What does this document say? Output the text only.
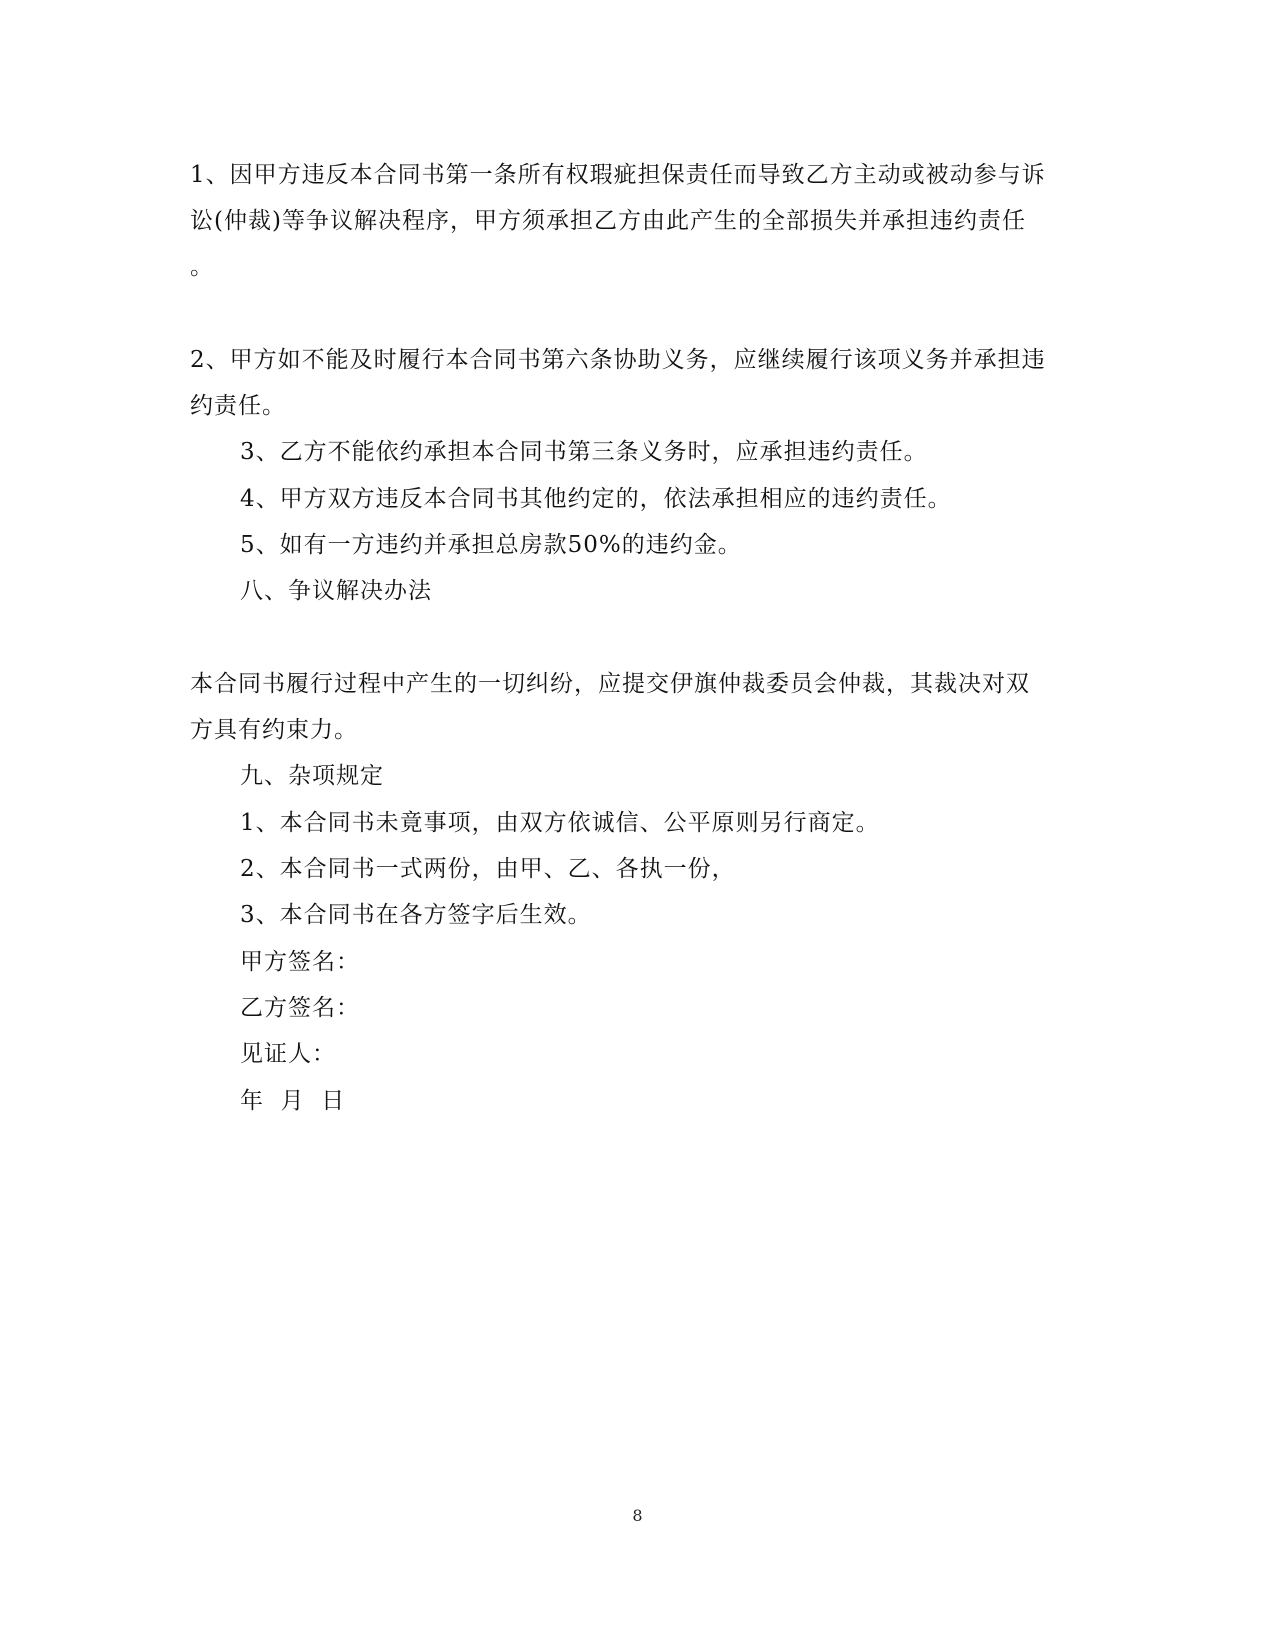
1、因甲方违反本合同书第一条所有权瑕疵担保责任而导致乙方主动或被动参与诉
讼(仲裁)等争议解决程序，甲方须承担乙方由此产生的全部损失并承担违约责任
。
2、甲方如不能及时履行本合同书第六条协助义务，应继续履行该项义务并承担违
约责任。
3、乙方不能依约承担本合同书第三条义务时，应承担违约责任。
4、甲方双方违反本合同书其他约定的，依法承担相应的违约责任。
5、如有一方违约并承担总房款50%的违约金。
八、争议解决办法
本合同书履行过程中产生的一切纠纷，应提交伊旗仲裁委员会仲裁，其裁决对双
方具有约束力。
九、杂项规定
1、本合同书未竟事项，由双方依诚信、公平原则另行商定。
2、本合同书一式两份，由甲、乙、各执一份，
3、本合同书在各方签字后生效。
甲方签名：
乙方签名：
见证人：
年  月  日
8
